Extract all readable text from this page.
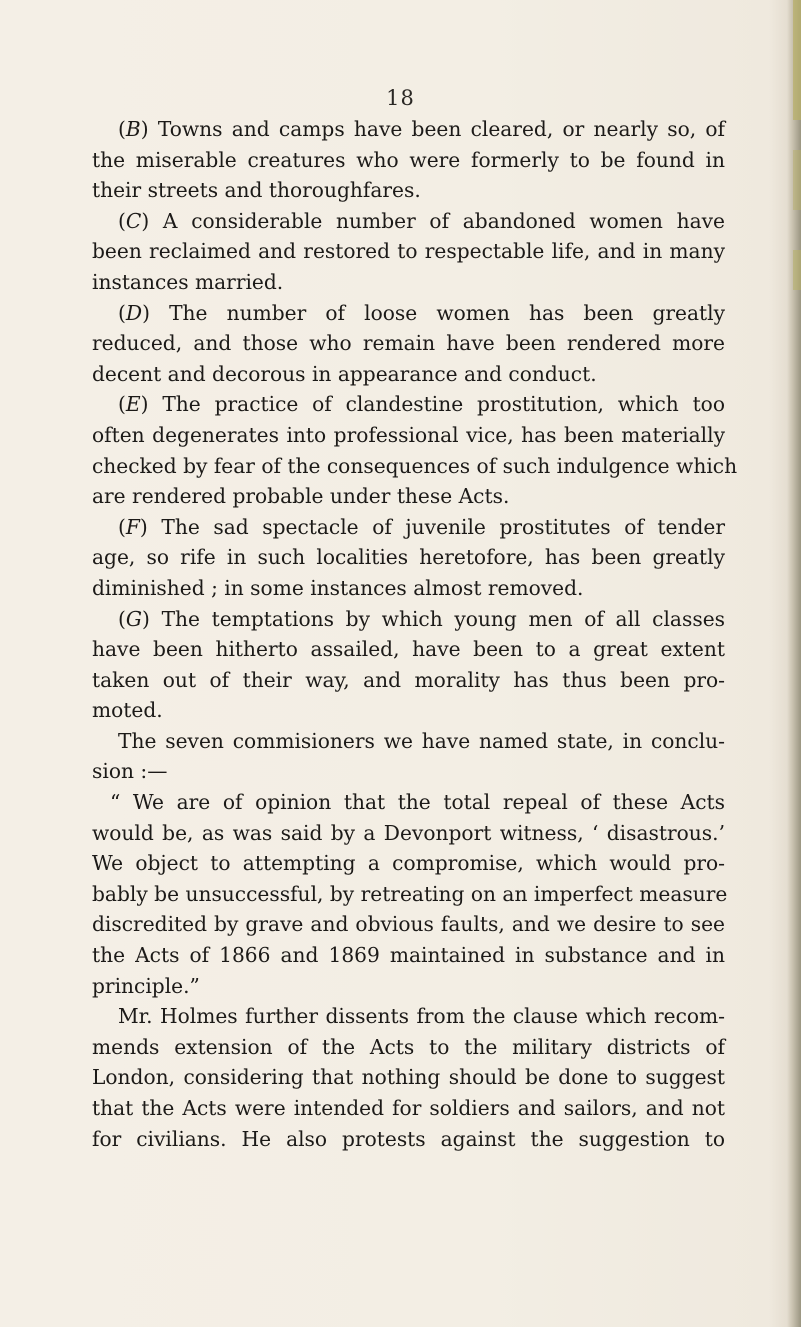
18
(B) Towns and camps have been cleared, or nearly so, of
the miserable creatures who were formerly to be found in
their streets and thoroughfares.
(C) A considerable number of abandoned women have
been reclaimed and restored to respectable life, and in many
instances married.
(D) The number of loose women has been greatly
reduced, and those who remain have been rendered more
decent and decorous in appearance and conduct.
(E) The practice of clandestine prostitution, which too
often degenerates into professional vice, has been materially
checked by fear of the consequences of such indulgence which
are rendered probable under these Acts.
(F) The sad spectacle of juvenile prostitutes of tender
age, so rife in such localities heretofore, has been greatly
diminished ; in some instances almost removed.
(G) The temptations by which young men of all classes
have been hitherto assailed, have been to a great extent
taken out of their way, and morality has thus been pro-
moted.
The seven commisioners we have named state, in conclu-
sion :—
“ We are of opinion that the total repeal of these Acts
would be, as was said by a Devonport witness, ‘ disastrous.’
We object to attempting a compromise, which would pro-
bably be unsuccessful, by retreating on an imperfect measure
discredited by grave and obvious faults, and we desire to see
the Acts of 1866 and 1869 maintained in substance and in
principle.”
Mr. Holmes further dissents from the clause which recom-
mends extension of the Acts to the military districts of
London, considering that nothing should be done to suggest
that the Acts were intended for soldiers and sailors, and not
for civilians. He also protests against the suggestion to
